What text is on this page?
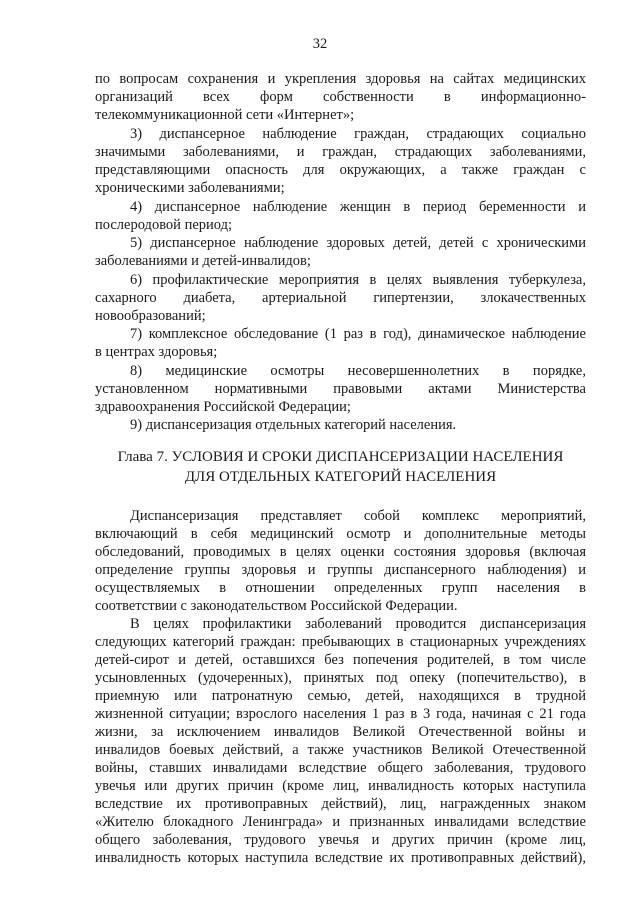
32
по вопросам сохранения и укрепления здоровья на сайтах медицинских
организаций всех форм собственности в информационно-
телекоммуникационной сети «Интернет»;
3) диспансерное наблюдение граждан, страдающих социально
значимыми заболеваниями, и граждан, страдающих заболеваниями,
представляющими опасность для окружающих, а также граждан с
хроническими заболеваниями;
4) диспансерное наблюдение женщин в период беременности и
послеродовой период;
5) диспансерное наблюдение здоровых детей, детей с хроническими
заболеваниями и детей-инвалидов;
6) профилактические мероприятия в целях выявления туберкулеза,
сахарного диабета, артериальной гипертензии, злокачественных
новообразований;
7) комплексное обследование (1 раз в год), динамическое наблюдение
в центрах здоровья;
8) медицинские осмотры несовершеннолетних в порядке,
установленном нормативными правовыми актами Министерства
здравоохранения Российской Федерации;
9) диспансеризация отдельных категорий населения.
Глава 7. УСЛОВИЯ И СРОКИ ДИСПАНСЕРИЗАЦИИ НАСЕЛЕНИЯ
ДЛЯ ОТДЕЛЬНЫХ КАТЕГОРИЙ НАСЕЛЕНИЯ
Диспансеризация представляет собой комплекс мероприятий,
включающий в себя медицинский осмотр и дополнительные методы
обследований, проводимых в целях оценки состояния здоровья (включая
определение группы здоровья и группы диспансерного наблюдения) и
осуществляемых в отношении определенных групп населения в
соответствии с законодательством Российской Федерации.
В целях профилактики заболеваний проводится диспансеризация
следующих категорий граждан: пребывающих в стационарных учреждениях
детей-сирот и детей, оставшихся без попечения родителей, в том числе
усыновленных (удочеренных), принятых под опеку (попечительство), в
приемную или патронатную семью, детей, находящихся в трудной
жизненной ситуации; взрослого населения 1 раз в 3 года, начиная с 21 года
жизни, за исключением инвалидов Великой Отечественной войны и
инвалидов боевых действий, а также участников Великой Отечественной
войны, ставших инвалидами вследствие общего заболевания, трудового
увечья или других причин (кроме лиц, инвалидность которых наступила
вследствие их противоправных действий), лиц, награжденных знаком
«Жителю блокадного Ленинграда» и признанных инвалидами вследствие
общего заболевания, трудового увечья и других причин (кроме лиц,
инвалидность которых наступила вследствие их противоправных действий),
